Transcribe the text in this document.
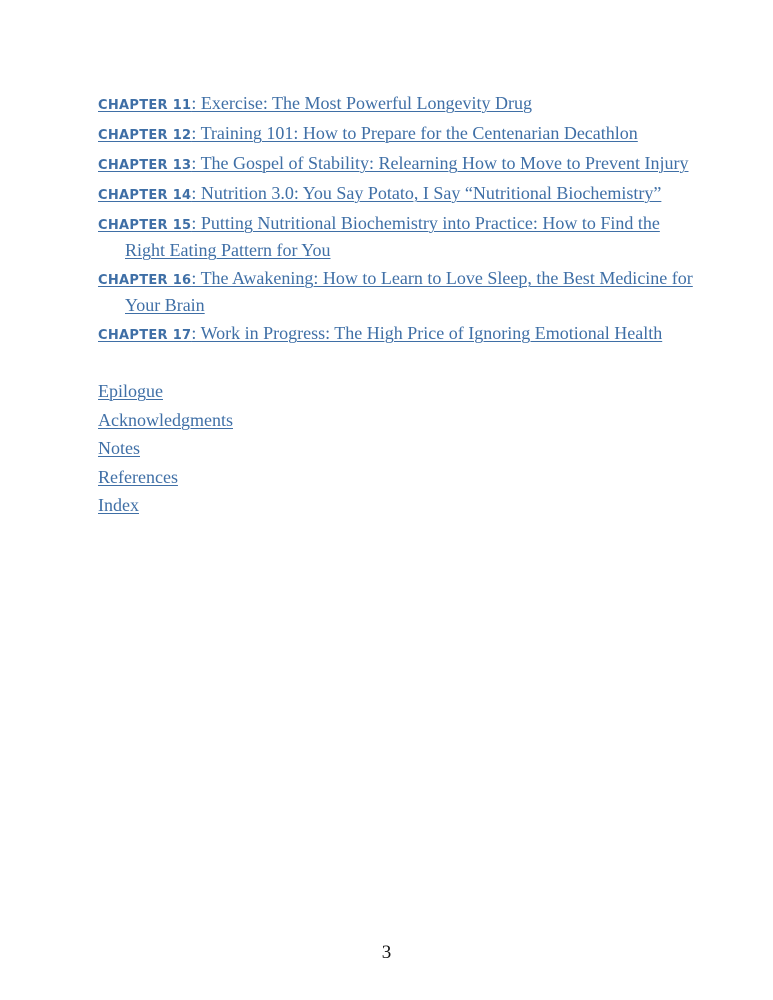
CHAPTER 11: Exercise: The Most Powerful Longevity Drug
CHAPTER 12: Training 101: How to Prepare for the Centenarian Decathlon
CHAPTER 13: The Gospel of Stability: Relearning How to Move to Prevent Injury
CHAPTER 14: Nutrition 3.0: You Say Potato, I Say “Nutritional Biochemistry”
CHAPTER 15: Putting Nutritional Biochemistry into Practice: How to Find the Right Eating Pattern for You
CHAPTER 16: The Awakening: How to Learn to Love Sleep, the Best Medicine for Your Brain
CHAPTER 17: Work in Progress: The High Price of Ignoring Emotional Health
Epilogue
Acknowledgments
Notes
References
Index
3
